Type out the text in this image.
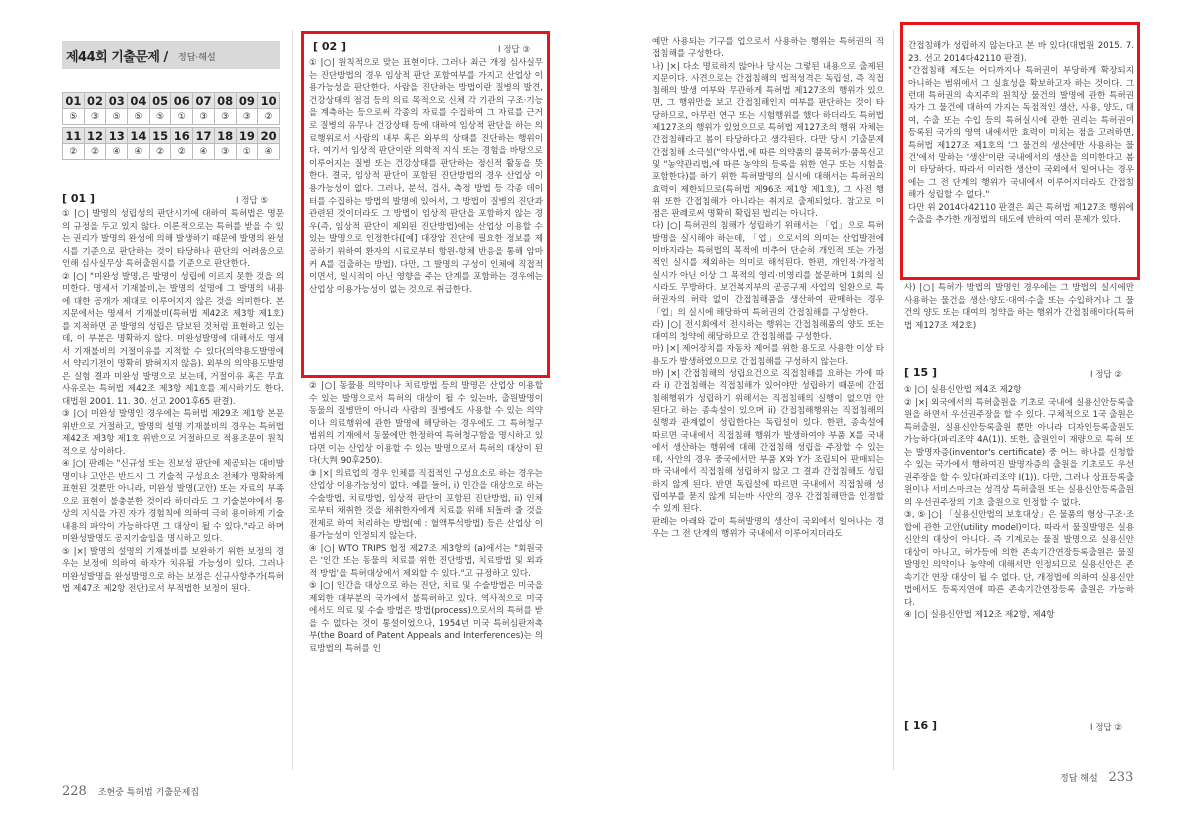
제44회 기출문제 / 정답·해설
01	02	03	04	05	06	07	08	09	10
⑤	③	⑤	⑤	⑤	①	③	③	③	②

11	12	13	14	15	16	17	18	19	20
②	②	④	④	②	②	④	③	①	④
[ 01 ]	I 정답 ⑤

① |○| 발명의 성립성의 판단시기에 대하여 특허법은 명문의 규정을 두고 있지 않다. 이론적으로는 특허를 받을 수 있는 권리가 발명의 완성에 의해 발생하기 때문에 발명의 완성시를 기준으로 판단하는 것이 타당하나 판단의 어려움으로 인해 심사실무상 특허출원시를 기준으로 판단한다.

② |○| "미완성 발명,은 발명이 성립에 이르지 못한 것을 의미한다. 명세서 기재불비,는 발명의 설명에 그 발명의 내용에 대한 공개가 제대로 이루어지지 않은 것을 의미한다. 본 지문에서는 명세서 기재불비(특허법 제42조 제3항 제1호)를 지적하면 곧 발명의 성립은 담보된 것처럼 표현하고 있는데, 이 부분은 명확하지 않다. 미완성발명에 대해서도 명세서 기재불비의 거절이유를 지적할 수 있다(의약용도발명에서 약리기전이 명확히 밝혀지지 않음). 외부의 의약용도발명은 실험 결과 미완성 발명으로 보는데, 거절이유 혹은 무효사유로는 특허법 제42조 제3항 제1호를 제시하기도 한다. 대법원 2001. 11. 30. 선고 2001후65 판결).

③ |○| 미완성 발명인 경우에는 특허법 제29조 제1항 본문 위반으로 거절하고, 발명의 설명 기재불비의 경우는 특허법 제42조 제3항 제1호 위반으로 거절하므로 적용조문이 원칙적으로 상이하다.

④ |○| 판례는 "신규성 또는 진보성 판단에 제공되는 대비발명이나 고안은 반드시 그 기술적 구성요소 전체가 명확하게 표현된 것뿐만 아니라, 미완성 발명(고안) 또는 자료의 부족으로 표현이 불충분한 것이라 하더라도 그 기술분야에서 통상의 지식을 가진 자가 경험칙에 의하여 극히 용이하게 기술내용의 파악이 가능하다면 그 대상이 될 수 있다."라고 하며 미완성발명도 공지기술임을 명시하고 있다.

⑤ |×| 발명의 설명의 기재불비를 보완하기 위한 보정의 경우는 보정에 의하여 하자가 치유될 가능성이 있다. 그러나 미완성발명을 완성발명으로 하는 보정은 신규사항추가(특허법 제47조 제2항 전단)로서 부적법한 보정이 된다.

[ 02 ]	I 정답 ③

① |○| 원칙적으로 맞는 표현이다. 그러나 최근 개정 심사실무는 진단방법의 경우 임상적 판단 포함여부를 가지고 산업상 이용가능성을 판단한다. 사람을 진단하는 방법이란 질병의 발견, 건강상태의 점검 등의 의료 목적으로 신체 각 기관의 구조·기능을 계측하는 등으로써 각종의 자료를 수집하여 그 자료를 근거로 질병의 유무나 건강상태 등에 대하여 임상적 판단을 하는 의료행위로서 사람의 내부 혹은 외부의 상태를 진단하는 행위이다. 여기서 임상적 판단이란 의학적 지식 또는 경험을 바탕으로 이루어지는 질병 또는 건강상태를 판단하는 정신적 활동을 뜻한다. 결국, 임상적 판단이 포함된 진단방법의 경우 산업상 이용가능성이 없다. 그러나, 분석, 검사, 측정 방법 등 각종 데이터를 수집하는 방법의 발명에 있어서, 그 방법이 질병의 진단과 관련된 것이더라도 그 방법이 임상적 판단을 포함하지 않는 경우(즉, 임상적 판단이 제외된 진단방법)에는 산업상 이용할 수 있는 발명으로 인정한다([예] 대장암 진단에 필요한 정보를 제공하기 위하여 환자의 시료로부터 항원-항체 반응을 통해 암마커 A를 검출하는 방법). 다만, 그 발명의 구성이 인체에 직접적이면서, 일시적이 아닌 영향을 주는 단계를 포함하는 경우에는 산업상 이용가능성이 없는 것으로 취급한다.

② |○| 동물용 의약이나 치료방법 등의 발명은 산업상 이용할 수 있는 발명으로서 특허의 대상이 될 수 있는바, 출원발명이 동물의 질병만이 아니라 사람의 질병에도 사용할 수 있는 의약이나 의료행위에 관한 발명에 해당하는 경우에도 그 특허청구범위의 기재에서 동물에만 한정하여 특허청구함을 명시하고 있다면 이는 산업상 이용할 수 있는 발명으로서 특허의 대상이 된다(大判 90후250).

③ |×| 의료업의 경우 인체를 직접적인 구성요소로 하는 경우는 산업상 이용가능성이 없다. 예를 들어, i) 인간을 대상으로 하는 수술방법, 치료방법, 임상적 판단이 포함된 진단방법, ii) 인체로부터 채취한 것을 채취한자에게 치료를 위해 되돌려 줄 것을 전제로 하여 처리하는 방법(예 : 혈액투석방법) 등은 산업상 이용가능성이 인정되지 않는다.

④ |○| WTO TRIPS 협정 제27조 제3항의 (a)에서는 "회원국은 '인간 또는 동물의 치료를 위한 진단방법, 치료방법 및 외과적 방법'을 특허대상에서 제외할 수 있다."고 규정하고 있다.

⑤ |○| 인간을 대상으로 하는 진단, 치료 및 수술방법은 미국을 제외한 대부분의 국가에서 불특허하고 있다. 역사적으로 미국에서도 의료 및 수술 방법은 방법(process)으로서의 특허를 받을 수 없다는 것이 통설이었으나, 1954년 미국 특허심판저촉부(the Board of Patent Appeals and Interferences)는 의료방법의 특허를 인

228 조현중 특허법 기출문제집

예만 사용되는 기구를 업으로서 사용하는 행위는 특허권의 직접침해를 구성한다.

나) |×| 다소 명료하지 않아나 당시는 그렇된 내용으로 출제된 지문이다. 사견으로는 간접침해의 법적성격은 독립설, 즉 직접침해의 발생 여부와 무관하게 특허법 제127조의 행위가 있으면, 그 행위만을 보고 간접침해인지 여부를 판단하는 것이 타당하므로, 아무런 연구 또는 시험행위를 했다 하더라도 특허법 제127조의 행위가 있었으므로 특허법 제127조의 행위 자체는 간접침해라고 봄이 타당하다고 생각된다. 다만 당시 기출문제 간접침해 소극설("약사법,에 따른 의약품의 품목허가·품목신고 및 "농약관리법,에 따른 농약의 등록을 위한 연구 또는 시험을 포함한다)를 하기 위한 특허발명의 실시에 대해서는 특허권의 효력이 제한되므로(특허법 제96조 제1항 제1호), 그 사전 행위 또한 간접침해가 아니라는 취지로 출제되었다. 참고로 이 점은 판례로써 명확히 확립된 법리는 아니다.

다) |○| 특허권의 침해가 성립하기 위해서는 「업」으로 특허발명을 실시해야 하는데, 「업」으로서의 의미는 산업발전에 이바지라는 특허법의 목적에 비추어 단순히 개인적 또는 가정적인 실시를 제외하는 의미로 해석된다. 한편, 개인적·가정적 실시가 아닌 이상 그 목적의 영리·비영리를 불문하며 1회의 실시라도 무방하다. 보건복지부의 공공구제 사업의 일환으로 특허권자의 허락 없이 간접침해품을 생산하여 판매하는 경우 「업」의 실시에 해당하여 특허권의 간접침해를 구성한다.

라) |○| 전시회에서 전시하는 행위는 간접침해품의 양도 또는 대여의 청약에 해당하므로 간접침해를 구성한다.

마) |×| 제어장치를 자동차 제어를 위한 용도로 사용한 이상 타용도가 발생하였으므로 간접침해를 구성하지 않는다.

바) |×| 간접침해의 성립요건으로 직접침해를 요하는 가에 따라 i) 간접침해는 직접침해가 있어야만 성립하기 때문에 간접침해행위가 성립하기 위해서는 직접침해의 실행이 없으면 안 된다고 하는 종속설이 있으며 ii) 간접침해행위는 직접침해의 실행과 관계없이 성립한다는 독립설이 있다. 한편, 종속설에 따르면 국내에서 직접침해 행위가 발생하여야 부품 X를 국내에서 생산하는 행위에 대해 간접침해 성립을 주장할 수 있는데, 사안의 경우 중국에서만 부품 X와 Y가 조립되어 판매되는바 국내에서 직접침해 성립하지 않고 그 결과 간접침해도 성립하지 않게 된다. 반면 독립설에 따르면 국내에서 직접침해 성립여부를 묻지 않게 되는바 사안의 경우 간접침해만을 인정할 수 있게 된다.

판례는 아래와 같이 특허발명의 생산이 국외에서 일어나는 경우는 그 전 단계의 행위가 국내에서 이루어지더라도

간접침해가 성립하지 않는다고 본 바 있다(대법원 2015. 7. 23. 선고 2014다42110 판결).
"간접침해 제도는 어디까지나 특허권이 부당하게 확장되지 아니하는 범위에서 그 실효성을 확보하고자 하는 것이다. 그런데 특허권의 속지주의 원칙상 물건의 발명에 관한 특허권자가 그 물건에 대하여 가지는 독점적인 생산, 사용, 양도, 대여, 수출 또는 수입 등의 특허실시에 관한 권리는 특허권이 등록된 국가의 영역 내에서만 효력이 미치는 점을 고려하면, 특허법 제127조 제1호의 '그 물건의 생산에만 사용하는 물건'에서 말하는 '생산'이란 국내에서의 생산을 의미한다고 봄이 타당하다. 따라서 이러한 생산이 국외에서 일어나는 경우에는 그 전 단계의 행위가 국내에서 이루어지더라도 간접침해가 성립할 수 없다."
다만 위 2014다42110 판결은 최근 특허법 제127조 행위에 수출을 추가한 개정법의 태도에 반하여 여러 문제가 있다.

사) |○| 특허가 방법의 발명인 경우에는 그 방법의 실시에만 사용하는 물건을 생산·양도·대여·수출 또는 수입하거나 그 물건의 양도 또는 대여의 청약을 하는 행위가 간접침해이다(특허법 제127조 제2호)

[ 15 ]	I 정답 ②

① |○| 실용신안법 제4조 제2항

② |×| 외국에서의 특허출원을 기초로 국내에 실용신안등록출원을 하면서 우선권주장을 할 수 있다. 구체적으로 1국 출원은 특허출원, 실용신안등록출원 뿐만 아니라 디자인등록출원도 가능하다(파리조약 4A(1)). 또한, 출원인이 재량으로 특허 또는 발명자증(inventor's certificate) 중 어느 하나를 신청할 수 있는 국가에서 행하여진 발명자증의 출원을 기초로도 우선권주장을 할 수 있다(파리조약 I(1)). 다만, 그러나 상표등록출원이나 서비스마크는 성격상 특허출원 또는 실용신안등록출원의 우선권주장의 기초 출원으로 인정할 수 없다.

③, ⑤ |○| 「실용신안법의 보호대상」은 물품의 형상·구조·조합에 관한 고안(utility model)이다. 따라서 물질발명은 실용신안의 대상이 아니다. 즉 기계로는 물질 발명으로 실용신안 대상이 아니고, 허가등에 의한 존속기간연장등록출원은 물질발명인 의약이나 농약에 대해서만 인정되므로 실용신안은 존속기간 연장 대상이 될 수 없다. 단, 개정법에 의하여 실용신안법에서도 등록지연에 따른 존속기간연장등록 출원은 가능하다.

④ |○| 실용신안법 제12조 제2항, 제4항

[ 16 ]	I 정답 ②
정답 해설 233
